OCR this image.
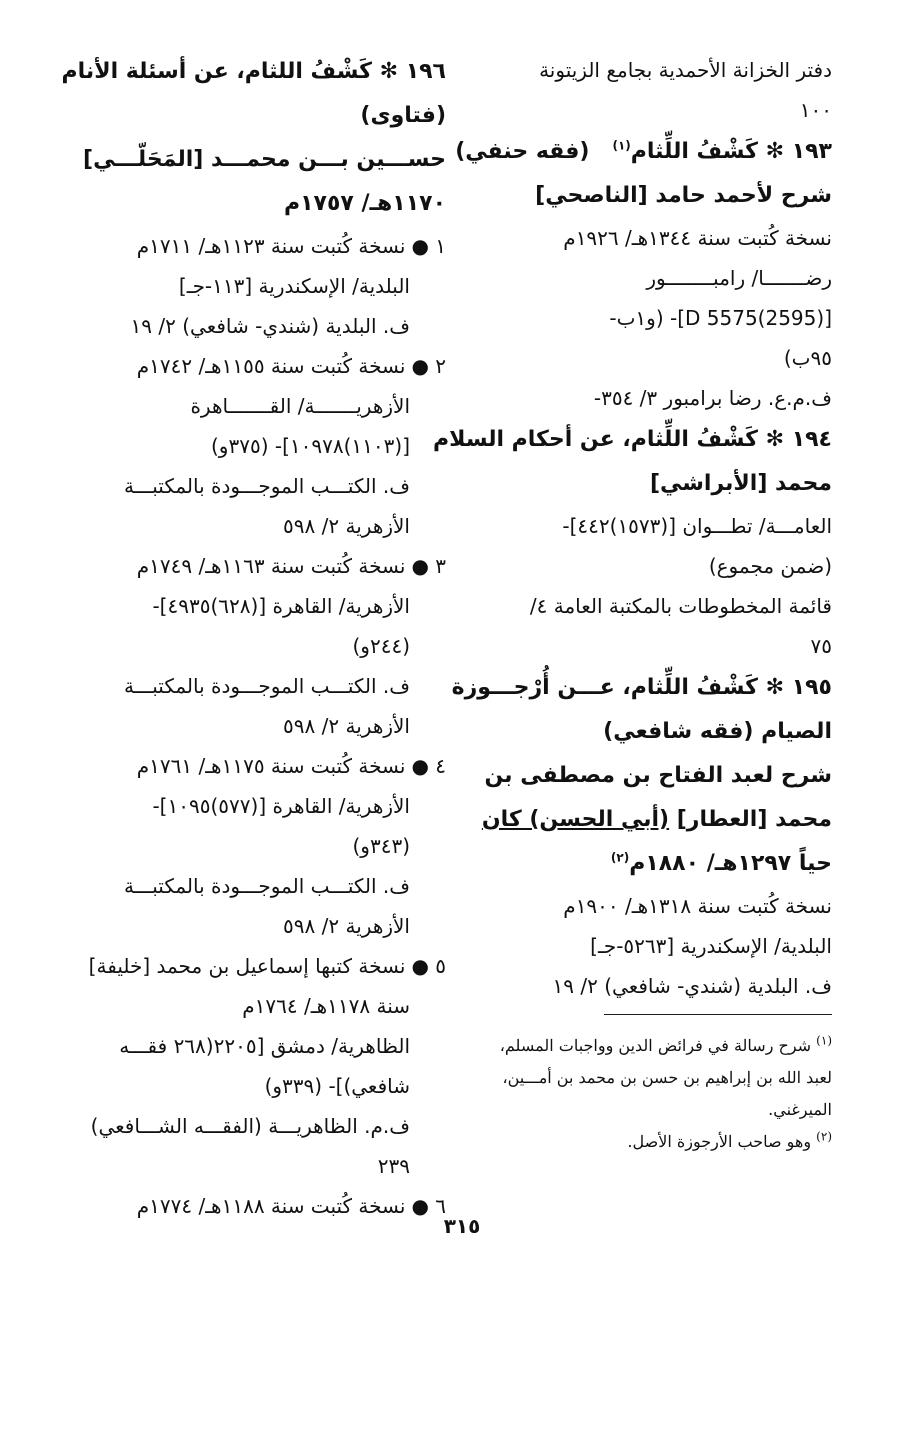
دفتر الخزانة الأحمدية بجامع الزيتونة
١٠٠
١٩٣ ✻ كَشْفُ اللِّثام$^{(١)}$   (فقه حنفي)
شرح لأحمد حامد [الناصحي]
نسخة كُتبت سنة ١٣٤٤هـ/ ١٩٢٦م
رضـــــــا/ رامبــــــــور
[D 5575(2595)]- (و١ب-
٩٥ب)
ف.م.ع. رضا برامبور ٣/ ٣٥٤-
١٩٤ ✻ كَشْفُ اللِّثام، عن أحكام السلام
محمد [الأبراشي]
العامـــة/ تطـــوان [(١٥٧٣)٤٤٢]-
(ضمن مجموع)
قائمة المخطوطات بالمكتبة العامة ٤/
٧٥
١٩٥ ✻ كَشْفُ اللِّثام، عـــن أُرْجـــوزة
الصيام (فقه شافعي)
شرح لعبد الفتاح بن مصطفى بن
محمد [العطار] (أبي الحسن) كان
حياً ١٢٩٧هـ/ ١٨٨٠م$^{(٢)}$
نسخة كُتبت سنة ١٣١٨هـ/ ١٩٠٠م
البلدية/ الإسكندرية [٥٢٦٣-جـ]
ف. البلدية (شندي- شافعي) ٢/ ١٩
١٩٦ ✻ كَشْفُ اللثام، عن أسئلة الأنام
(فتاوى)
حســـين بـــن محمـــد [المَحَلّـــي]
١١٧٠هـ/ ١٧٥٧م
١ ●نسخة كُتبت سنة ١١٢٣هـ/ ١٧١١م
البلدية/ الإسكندرية [١١٣-جـ]
ف. البلدية (شندي- شافعي) ٢/ ١٩
٢ ●نسخة كُتبت سنة ١١٥٥هـ/ ١٧٤٢م
الأزهريـــــــة/ القـــــــاهرة
[(١١٠٣)١٠٩٧٨]- (٣٧٥و)
ف. الكتـــب الموجـــودة بالمكتبـــة
الأزهرية ٢/ ٥٩٨
٣ ●نسخة كُتبت سنة ١١٦٣هـ/ ١٧٤٩م
الأزهرية/ القاهرة [(٦٢٨)٤٩٣٥]-
(٢٤٤و)
ف. الكتـــب الموجـــودة بالمكتبـــة
الأزهرية ٢/ ٥٩٨
٤ ●نسخة كُتبت سنة ١١٧٥هـ/ ١٧٦١م
الأزهرية/ القاهرة [(٥٧٧)١٠٩٥]-
(٣٤٣و)
ف. الكتـــب الموجـــودة بالمكتبـــة
الأزهرية ٢/ ٥٩٨
٥ ●نسخة كتبها إسماعيل بن محمد [خليفة]
سنة ١١٧٨هـ/ ١٧٦٤م
الظاهرية/ دمشق [٢٢٠٥(٢٦٨ فقـــه
شافعي)]- (٣٣٩و)
ف.م. الظاهريـــة (الفقـــه الشـــافعي)
٢٣٩
٦ ●نسخة كُتبت سنة ١١٨٨هـ/ ١٧٧٤م
$^{(١)}$ شرح رسالة في فرائض الدين وواجبات المسلم،
لعبد الله بن إبراهيم بن حسن بن محمد بن أمـــين،
الميرغني.
$^{(٢)}$ وهو صاحب الأرجوزة الأصل.
٣١٥
